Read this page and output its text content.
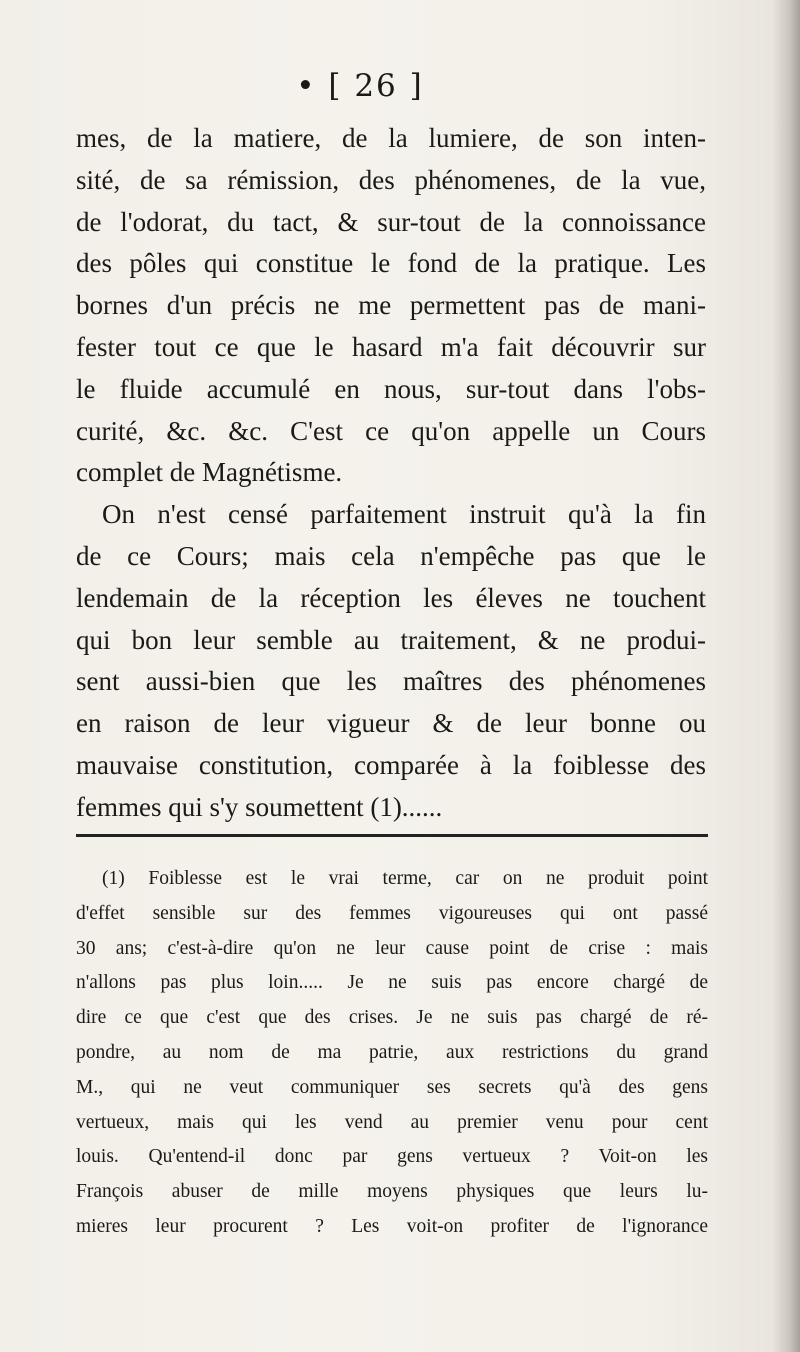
• [ 26 ]

mes, de la matiere, de la lumiere, de son inten-
sité, de sa rémission, des phénomenes, de la vue,
de l'odorat, du tact, & sur-tout de la connoissance
des pôles qui constitue le fond de la pratique. Les
bornes d'un précis ne me permettent pas de mani-
fester tout ce que le hasard m'a fait découvrir sur
le fluide accumulé en nous, sur-tout dans l'obs-
curité, &c. &c. C'est ce qu'on appelle un Cours
complet de Magnétisme.
On n'est censé parfaitement instruit qu'à la fin
de ce Cours; mais cela n'empêche pas que le
lendemain de la réception les éleves ne touchent
qui bon leur semble au traitement, & ne produi-
sent aussi-bien que les maîtres des phénomenes
en raison de leur vigueur & de leur bonne ou
mauvaise constitution, comparée à la foiblesse des
femmes qui s'y soumettent (1)......
(1) Foiblesse est le vrai terme, car on ne produit point
d'effet sensible sur des femmes vigoureuses qui ont passé
30 ans; c'est-à-dire qu'on ne leur cause point de crise : mais
n'allons pas plus loin..... Je ne suis pas encore chargé de
dire ce que c'est que des crises. Je ne suis pas chargé de ré-
pondre, au nom de ma patrie, aux restrictions du grand
M., qui ne veut communiquer ses secrets qu'à des gens
vertueux, mais qui les vend au premier venu pour cent
louis. Qu'entend-il donc par gens vertueux ? Voit-on les
François abuser de mille moyens physiques que leurs lu-
mieres leur procurent ? Les voit-on profiter de l'ignorance
